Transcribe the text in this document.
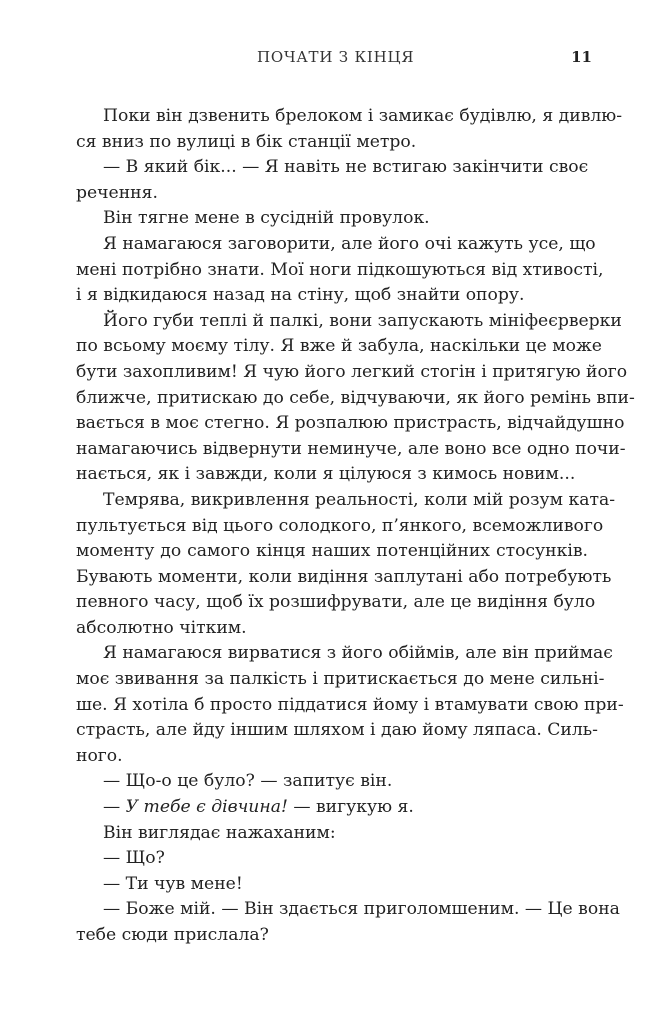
ПОЧАТИ З КІНЦЯ	11
Поки він дзвенить брелоком і замикає будівлю, я дивлю-
ся вниз по вулиці в бік станції метро.
— В який бік... — Я навіть не встигаю закінчити своє
речення.
Він тягне мене в сусідній провулок.
Я намагаюся заговорити, але його очі кажуть усе, що
мені потрібно знати. Мої ноги підкошуються від хтивості,
і я відкидаюся назад на стіну, щоб знайти опору.
Його губи теплі й палкі, вони запускають мініфеєрверки
по всьому моєму тілу. Я вже й забула, наскільки це може
бути захопливим! Я чую його легкий стогін і притягую його
ближче, притискаю до себе, відчуваючи, як його ремінь впи-
вається в моє стегно. Я розпалюю пристрасть, відчайдушно
намагаючись відвернути неминуче, але воно все одно почи-
нається, як і завжди, коли я цілуюся з кимось новим...
Темрява, викривлення реальності, коли мій розум ката-
пультується від цього солодкого, п’янкого, всеможливого
моменту до самого кінця наших потенційних стосунків.
Бувають моменти, коли видіння заплутані або потребують
певного часу, щоб їх розшифрувати, але це видіння було
абсолютно чітким.
Я намагаюся вирватися з його обіймів, але він приймає
моє звивання за палкість і притискається до мене сильні-
ше. Я хотіла б просто піддатися йому і втамувати свою при-
страсть, але йду іншим шляхом і даю йому ляпаса. Силь-
ного.
— Що-о це було? — запитує він.
— У тебе є дівчина! — вигукую я.
Він виглядає нажаханим:
— Що?
— Ти чув мене!
— Боже мій. — Він здається приголомшеним. — Це вона
тебе сюди прислала?
